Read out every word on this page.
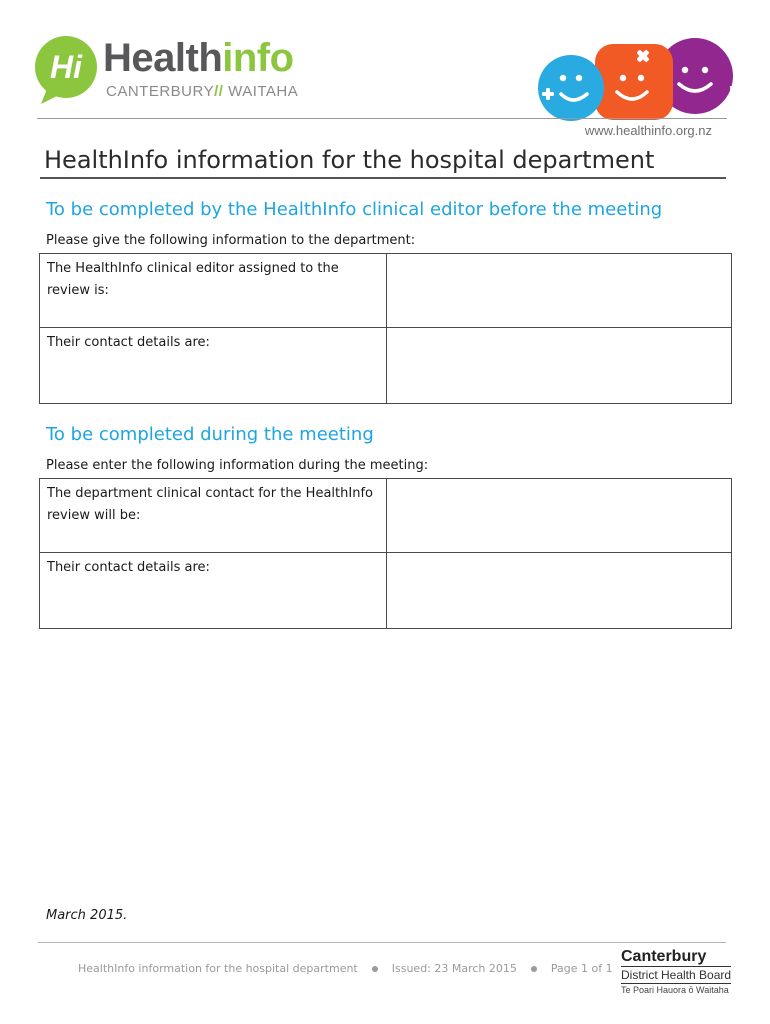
Hi Healthinfo
CANTERBURY// WAITAHA
www.healthinfo.org.nz
HealthInfo information for the hospital department
To be completed by the HealthInfo clinical editor before the meeting

Please give the following information to the department:

The HealthInfo clinical editor assigned to the review is:	
Their contact details are:	
To be completed during the meeting

Please enter the following information during the meeting:

The department clinical contact for the HealthInfo review will be:	
Their contact details are:	

March 2015.

HealthInfo information for the hospital department	Issued: 23 March 2015	Page 1 of 1
Canterbury
District Health Board
Te Poari Hauora ō Waitaha
